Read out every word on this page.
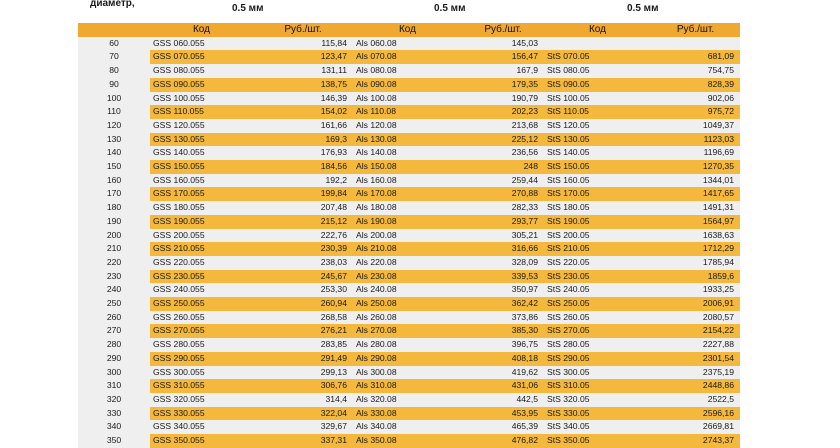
диаметр,	0.5 мм	0.5 мм	0.5 мм
	Код	Руб./шт.	Код	Руб./шт.	Код	Руб./шт.
60	GSS 060.055	115,84	Als 060.08	145,03		
70	GSS 070.055	123,47	Als 070.08	156,47	StS 070.05	681,09
80	GSS 080.055	131,11	Als 080.08	167,9	StS 080.05	754,75
90	GSS 090.055	138,75	Als 090.08	179,35	StS 090.05	828,39
100	GSS 100.055	146,39	Als 100.08	190,79	StS 100.05	902,06
110	GSS 110.055	154,02	Als 110.08	202,23	StS 110.05	975,72
120	GSS 120.055	161,66	Als 120.08	213,68	StS 120.05	1049,37
130	GSS 130.055	169,3	Als 130.08	225,12	StS 130.05	1123,03
140	GSS 140.055	176,93	Als 140.08	236,56	StS 140.05	1196,69
150	GSS 150.055	184,56	Als 150.08	248	StS 150.05	1270,35
160	GSS 160.055	192,2	Als 160.08	259,44	StS 160.05	1344,01
170	GSS 170.055	199,84	Als 170.08	270,88	StS 170.05	1417,65
180	GSS 180.055	207,48	Als 180.08	282,33	StS 180.05	1491,31
190	GSS 190.055	215,12	Als 190.08	293,77	StS 190.05	1564,97
200	GSS 200.055	222,76	Als 200.08	305,21	StS 200.05	1638,63
210	GSS 210.055	230,39	Als 210.08	316,66	StS 210.05	1712,29
220	GSS 220.055	238,03	Als 220.08	328,09	StS 220.05	1785,94
230	GSS 230.055	245,67	Als 230.08	339,53	StS 230.05	1859,6
240	GSS 240.055	253,30	Als 240.08	350,97	StS 240.05	1933,25
250	GSS 250.055	260,94	Als 250.08	362,42	StS 250.05	2006,91
260	GSS 260.055	268,58	Als 260.08	373,86	StS 260.05	2080,57
270	GSS 270.055	276,21	Als 270.08	385,30	StS 270.05	2154,22
280	GSS 280.055	283,85	Als 280.08	396,75	StS 280.05	2227,88
290	GSS 290.055	291,49	Als 290.08	408,18	StS 290.05	2301,54
300	GSS 300.055	299,13	Als 300.08	419,62	StS 300.05	2375,19
310	GSS 310.055	306,76	Als 310.08	431,06	StS 310.05	2448,86
320	GSS 320.055	314,4	Als 320.08	442,5	StS 320.05	2522,5
330	GSS 330.055	322,04	Als 330.08	453,95	StS 330.05	2596,16
340	GSS 340.055	329,67	Als 340.08	465,39	StS 340.05	2669,81
350	GSS 350.055	337,31	Als 350.08	476,82	StS 350.05	2743,37
